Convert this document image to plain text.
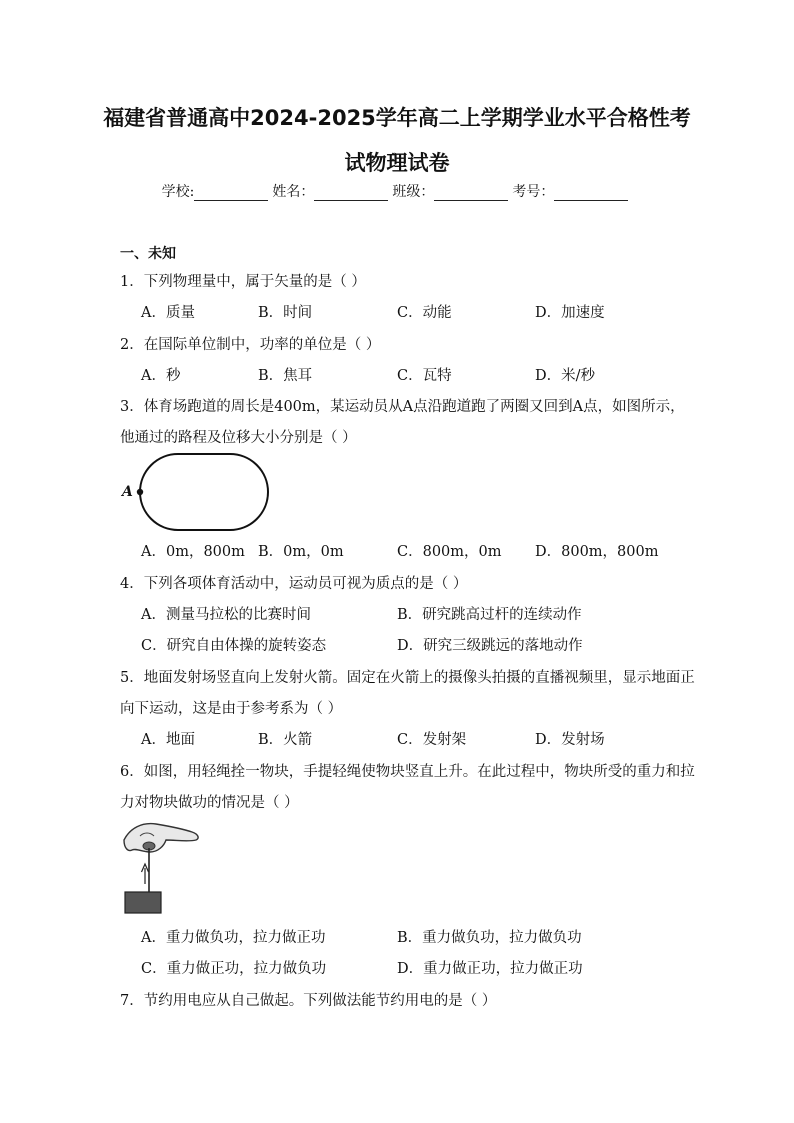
福建省普通高中2024-2025学年高二上学期学业水平合格性考
试物理试卷
学校:	姓名：	班级：	考号：
一、未知
1．下列物理量中，属于矢量的是（ ）
A．质量	B．时间	C．动能	D．加速度
2．在国际单位制中，功率的单位是（ ）
A．秒	B．焦耳	C．瓦特	D．米/秒
3．体育场跑道的周长是400m，某运动员从A点沿跑道跑了两圈又回到A点，如图所示，
他通过的路程及位移大小分别是（ ）
A
A．0m，800m B．0m，0m	C．800m，0m D．800m，800m
4．下列各项体育活动中，运动员可视为质点的是（ ）
A．测量马拉松的比赛时间	B．研究跳高过杆的连续动作
C．研究自由体操的旋转姿态	D．研究三级跳远的落地动作
5．地面发射场竖直向上发射火箭。固定在火箭上的摄像头拍摄的直播视频里，显示地面正
向下运动，这是由于参考系为（ ）
A．地面	B．火箭	C．发射架	D．发射场
6．如图，用轻绳拴一物块，手提轻绳使物块竖直上升。在此过程中，物块所受的重力和拉
力对物块做功的情况是（ ）
A．重力做负功，拉力做正功	B．重力做负功，拉力做负功
C．重力做正功，拉力做负功	D．重力做正功，拉力做正功
7．节约用电应从自己做起。下列做法能节约用电的是（ ）
